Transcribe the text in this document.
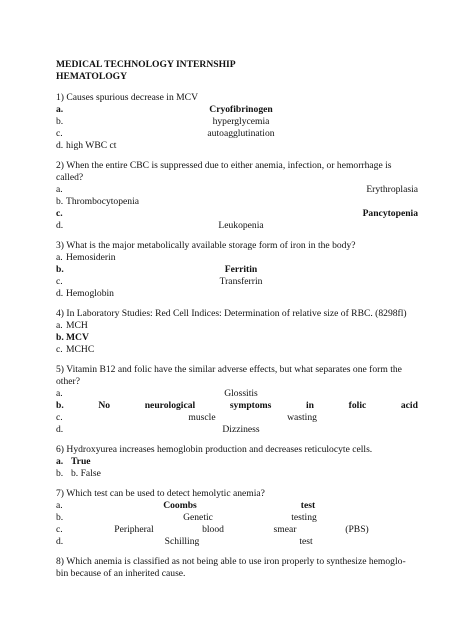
MEDICAL TECHNOLOGY INTERNSHIP
HEMATOLOGY
1) Causes spurious decrease in MCV
a.	Cryofibrinogen
b.	hyperglycemia
c.	autoagglutination
d. high WBC ct
2) When the entire CBC is suppressed due to either anemia, infection, or hemorrhage is
called?
a.	Erythroplasia
b. Thrombocytopenia
c.	Pancytopenia
d.	Leukopenia
3) What is the major metabolically available storage form of iron in the body?
a. Hemosiderin
b.	Ferritin
c.	Transferrin
d. Hemoglobin
4) In Laboratory Studies: Red Cell Indices: Determination of relative size of RBC. (8298fl)
a. MCH
b. MCV
c. MCHC
5) Vitamin B12 and folic have the similar adverse effects, but what separates one form the
other?
a.	Glossitis
b.	No	neurological	symptoms	in	folic	acid
c.	muscle	wasting
d.	Dizziness
6) Hydroxyurea increases hemoglobin production and decreases reticulocyte cells.
a. True
b. b. False
7) Which test can be used to detect hemolytic anemia?
a.	Coombs	test
b.	Genetic	testing
c.	Peripheral	blood	smear	(PBS)
d.	Schilling	test
8) Which anemia is classified as not being able to use iron properly to synthesize hemoglo-
bin because of an inherited cause.
